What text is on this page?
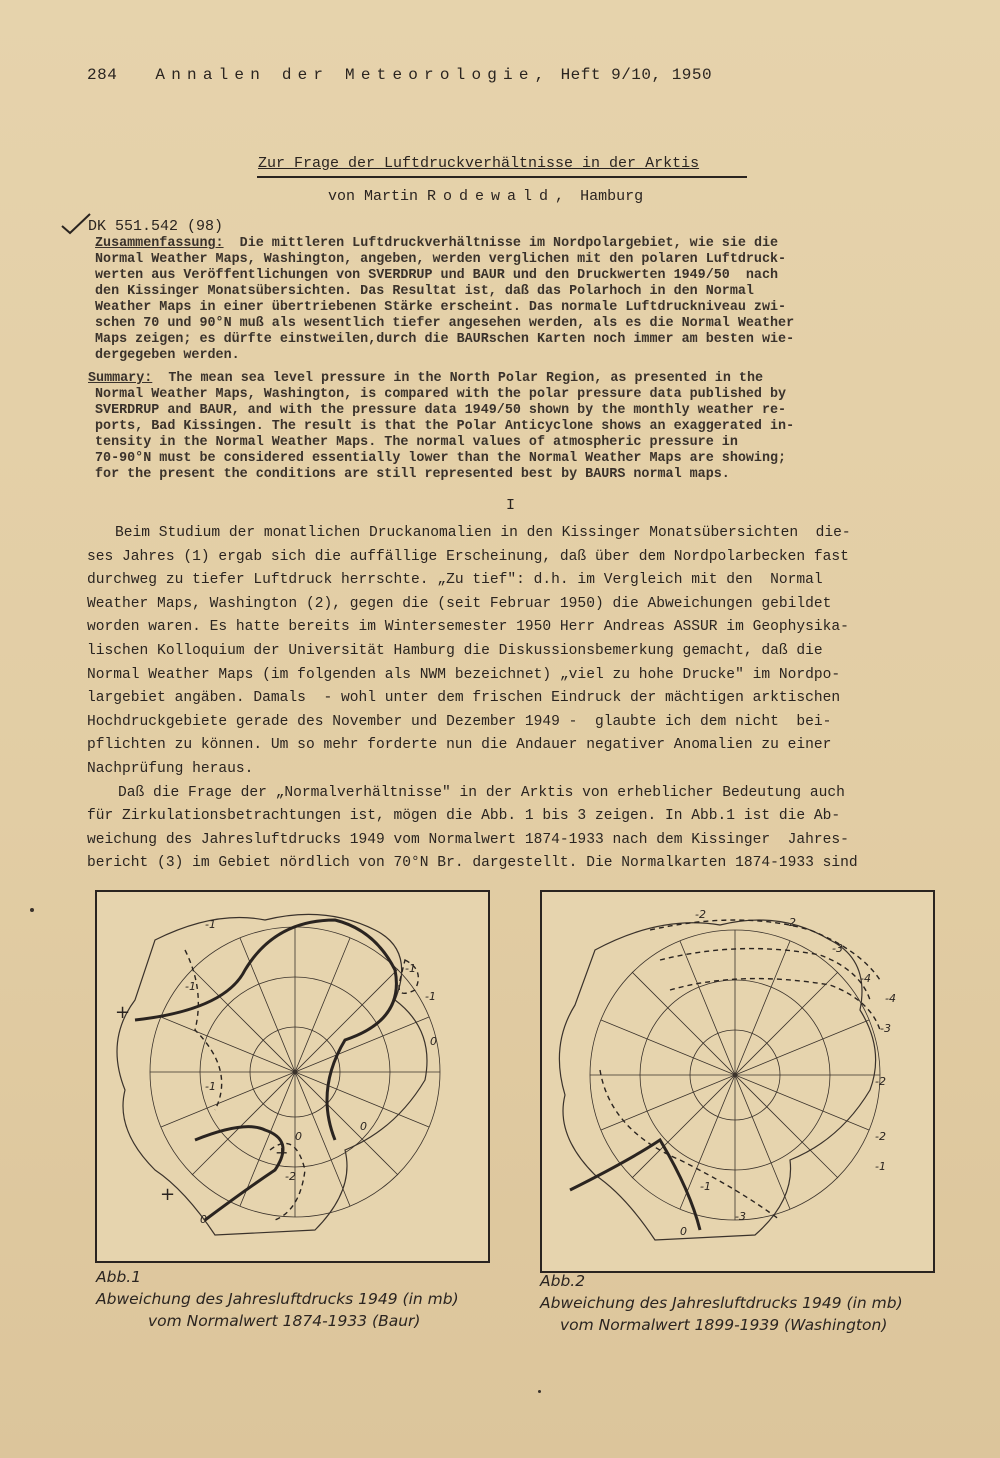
284 Annalen der Meteorologie, Heft 9/10, 1950
Zur Frage der Luftdruckverhältnisse in der Arktis
von Martin Rodewald, Hamburg
DK 551.542 (98)
Zusammenfassung: Die mittleren Luftdruckverhältnisse im Nordpolargebiet, wie sie die
Normal Weather Maps, Washington, angeben, werden verglichen mit den polaren Luftdruck-
werten aus Veröffentlichungen von SVERDRUP und BAUR und den Druckwerten 1949/50  nach
den Kissinger Monatsübersichten. Das Resultat ist, daß das Polarhoch in den Normal
Weather Maps in einer übertriebenen Stärke erscheint. Das normale Luftdruckniveau zwi-
schen 70 und 90°N muß als wesentlich tiefer angesehen werden, als es die Normal Weather
Maps zeigen; es dürfte einstweilen,durch die BAURschen Karten noch immer am besten wie-
dergegeben werden.
Summary: The mean sea level pressure in the North Polar Region, as presented in the
Normal Weather Maps, Washington, is compared with the polar pressure data published by
SVERDRUP and BAUR, and with the pressure data 1949/50 shown by the monthly weather re-
ports, Bad Kissingen. The result is that the Polar Anticyclone shows an exaggerated in-
tensity in the Normal Weather Maps. The normal values of atmospheric pressure in
70-90°N must be considered essentially lower than the Normal Weather Maps are showing;
for the present the conditions are still represented best by BAURS normal maps.
I
Beim Studium der monatlichen Druckanomalien in den Kissinger Monatsübersichten  die-
ses Jahres (1) ergab sich die auffällige Erscheinung, daß über dem Nordpolarbecken fast
durchweg zu tiefer Luftdruck herrschte. „Zu tief": d.h. im Vergleich mit den  Normal
Weather Maps, Washington (2), gegen die (seit Februar 1950) die Abweichungen gebildet
worden waren. Es hatte bereits im Wintersemester 1950 Herr Andreas ASSUR im Geophysika-
lischen Kolloquium der Universität Hamburg die Diskussionsbemerkung gemacht, daß die
Normal Weather Maps (im folgenden als NWM bezeichnet) „viel zu hohe Drucke" im Nordpo-
largebiet angäben. Damals  - wohl unter dem frischen Eindruck der mächtigen arktischen
Hochdruckgebiete gerade des November und Dezember 1949 -  glaubte ich dem nicht  bei-
pflichten zu können. Um so mehr forderte nun die Andauer negativer Anomalien zu einer
Nachprüfung heraus.
Daß die Frage der „Normalverhältnisse" in der Arktis von erheblicher Bedeutung auch
für Zirkulationsbetrachtungen ist, mögen die Abb. 1 bis 3 zeigen. In Abb.1 ist die Ab-
weichung des Jahresluftdrucks 1949 vom Normalwert 1874-1933 nach dem Kissinger  Jahres-
bericht (3) im Gebiet nördlich von 70°N Br. dargestellt. Die Normalkarten 1874-1933 sind
-1
-1
-1
0
0
-1
+
+
-1
-2
0
0
+
-2
-2
-3
-4
-4
-3
-2
-1
-3
0
-2
-1
Abb.1
Abweichung des Jahresluftdrucks 1949 (in mb)
vom Normalwert 1874-1933 (Baur)
Abb.2
Abweichung des Jahresluftdrucks 1949 (in mb)
vom Normalwert 1899-1939 (Washington)
